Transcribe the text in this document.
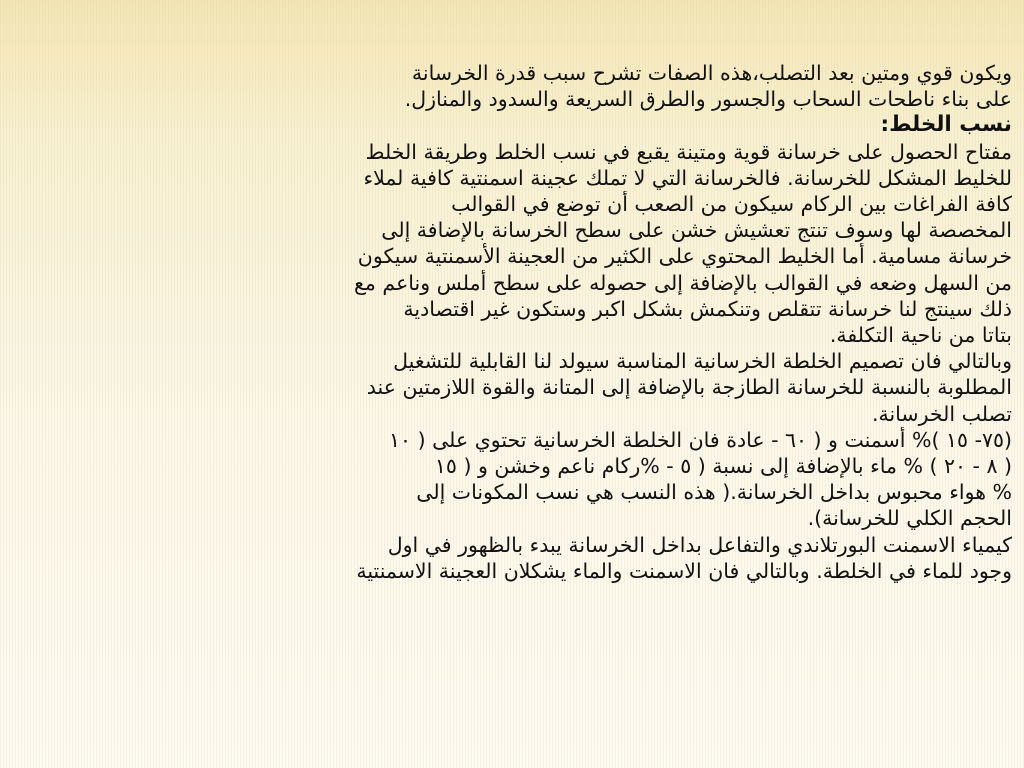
ويكون قوي ومتين بعد التصلب،هذه الصفات تشرح سبب قدرة الخرسانة
على بناء ناطحات السحاب والجسور والطرق السريعة والسدود والمنازل.
نسب الخلط:
مفتاح الحصول على خرسانة قوية ومتينة يقبع في نسب الخلط وطريقة الخلط
للخليط المشكل للخرسانة. فالخرسانة التي لا تملك عجينة اسمنتية كافية لملاء
كافة الفراغات بين الركام سيكون من الصعب أن توضع في القوالب
المخصصة لها وسوف تنتج تعشيش خشن على سطح الخرسانة بالإضافة إلى
خرسانة مسامية. أما الخليط المحتوي على الكثير من العجينة الأسمنتية سيكون
من السهل وضعه في القوالب بالإضافة إلى حصوله على سطح أملس وناعم مع
ذلك سينتج لنا خرسانة تتقلص وتنكمش بشكل اكبر وستكون غير اقتصادية
بتاتا من ناحية التكلفة.
وبالتالي فان تصميم الخلطة الخرسانية المناسبة سيولد لنا القابلية للتشغيل
المطلوبة بالنسبة للخرسانة الطازجة بالإضافة إلى المتانة والقوة اللازمتين عند
تصلب الخرسانة.
(٧٥- ١٥ )% أسمنت و ( ٦٠ - عادة فان الخلطة الخرسانية تحتوي على ( ١٠
( ٨ - ٢٠ ) % ماء بالإضافة إلى نسبة ( ٥ - %ركام ناعم وخشن و ( ١٥
% هواء محبوس بداخل الخرسانة.( هذه النسب هي نسب المكونات إلى
الحجم الكلي للخرسانة).
كيمياء الاسمنت البورتلاندي والتفاعل بداخل الخرسانة يبدء بالظهور في اول
وجود للماء في الخلطة. وبالتالي فان الاسمنت والماء يشكلان العجينة الاسمنتية
